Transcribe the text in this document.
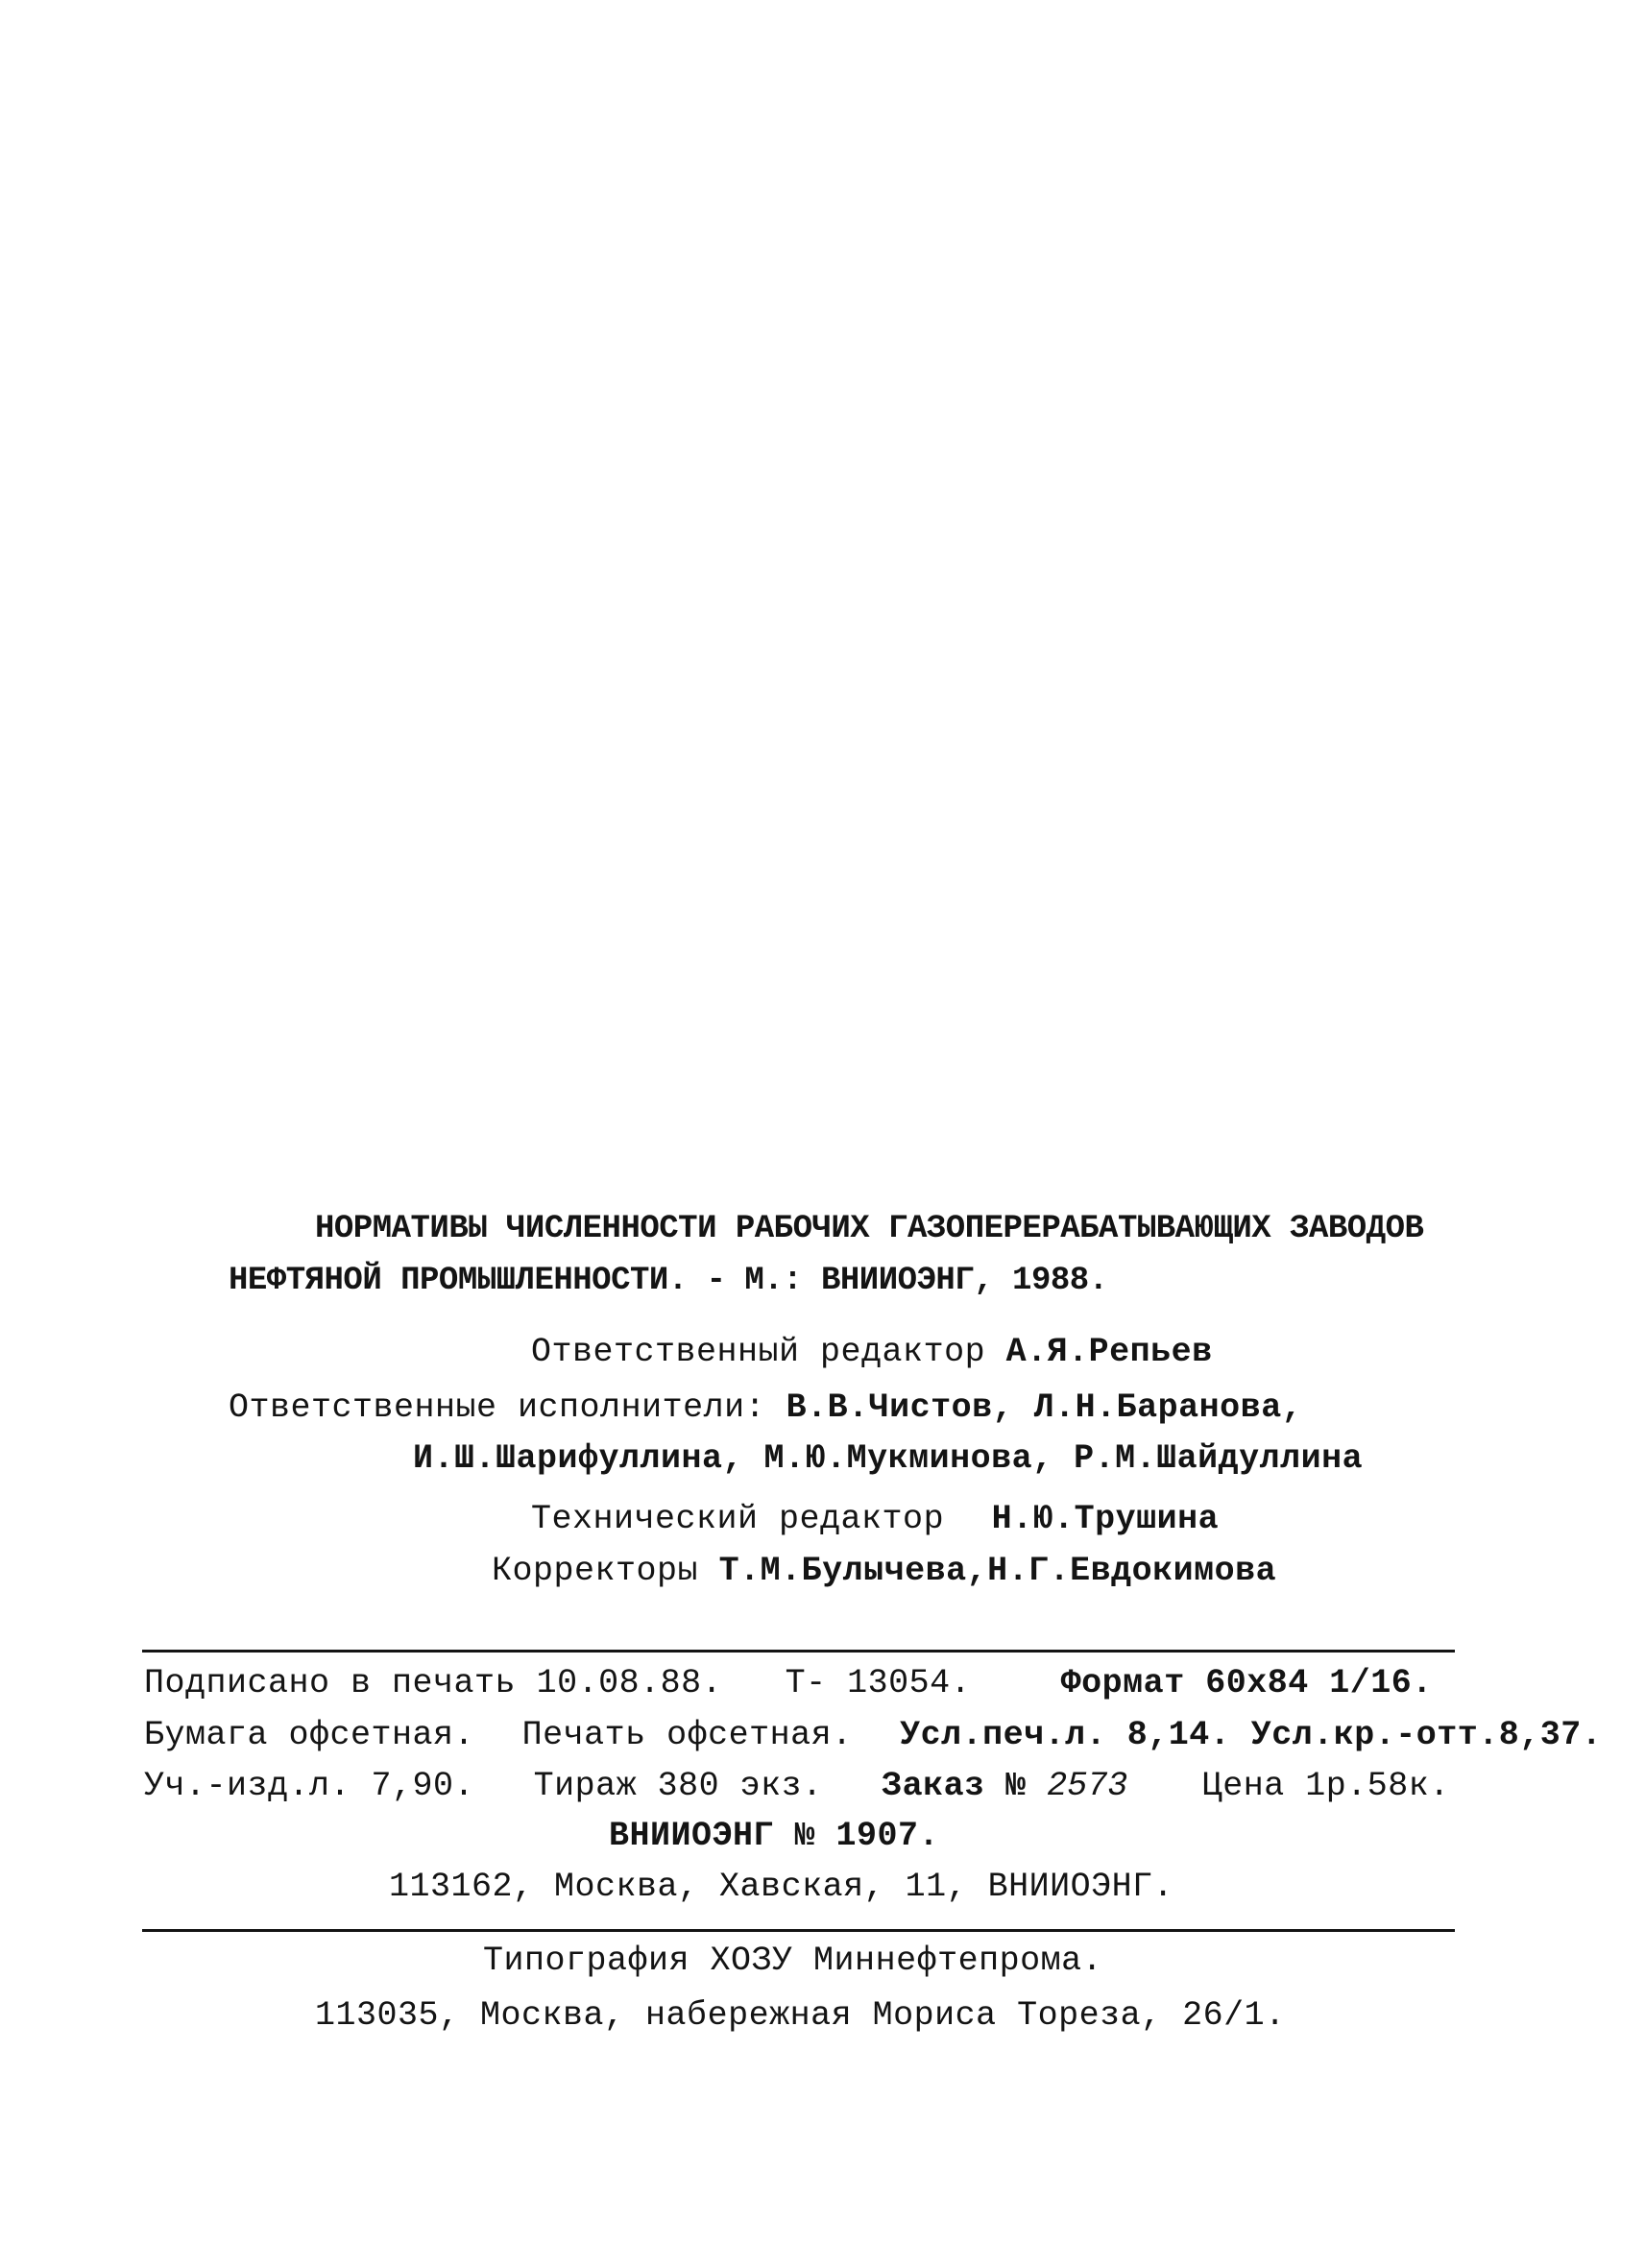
НОРМАТИВЫ ЧИСЛЕННОСТИ РАБОЧИХ ГАЗОПЕРЕРАБАТЫВАЮЩИХ ЗАВОДОВ
НЕФТЯНОЙ ПРОМЫШЛЕННОСТИ. - М.: ВНИИОЭНГ, 1988.
Ответственный редактор А.Я.Репьев
Ответственные исполнители: В.В.Чистов, Л.Н.Баранова,
И.Ш.Шарифуллина, М.Ю.Мукминова, Р.М.Шайдуллина
Технический редактор Н.Ю.Трушина
Корректоры Т.М.Булычева,Н.Г.Евдокимова
Подписано в печать 10.08.88. Т- 13054.	Формат 60х84 1/16.
Бумага офсетная. Печать офсетная. Усл.печ.л. 8,14. Усл.кр.-отт.8,37.
Уч.-изд.л. 7,90. Тираж 380 экз. Заказ № 2573 Цена 1р.58к.
ВНИИОЭНГ № 1907.
113162, Москва, Хавская, 11, ВНИИОЭНГ.
Типография ХОЗУ Миннефтепрома.
113035, Москва, набережная Мориса Тореза, 26/1.
